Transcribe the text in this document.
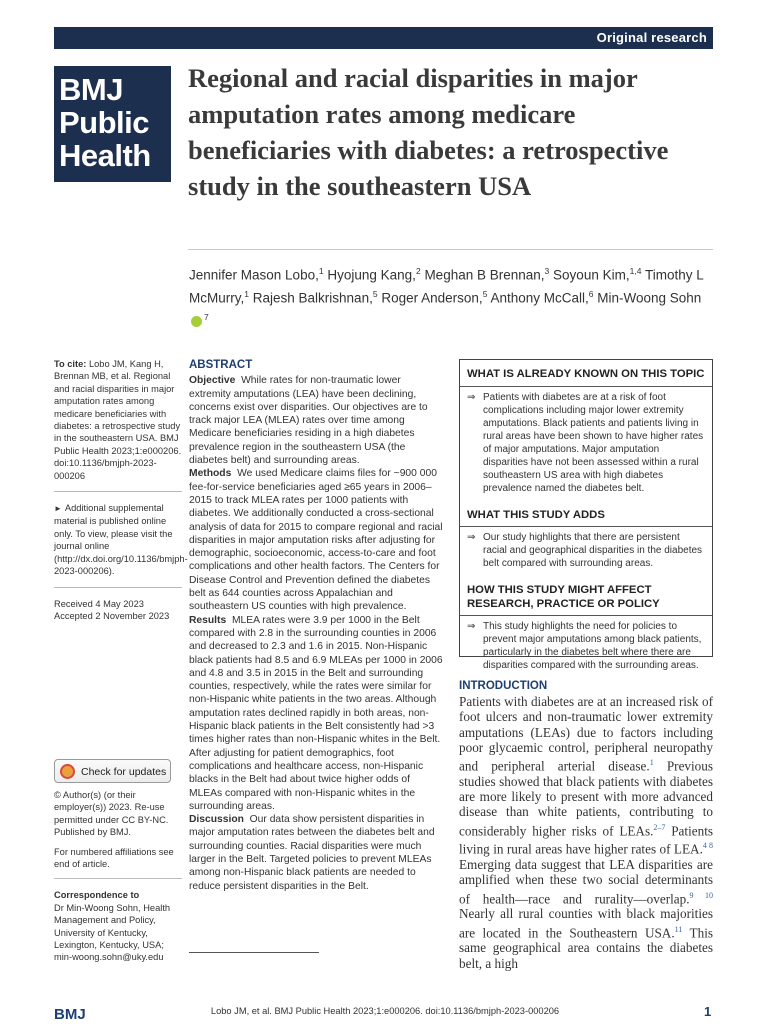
Original research
BMJ
Public
Health
Regional and racial disparities in major amputation rates among medicare beneficiaries with diabetes: a retrospective study in the southeastern USA
Jennifer Mason Lobo,$^1$ Hyojung Kang,$^2$ Meghan B Brennan,$^3$ Soyoun Kim,$^{1,4}$ Timothy L McMurry,$^1$ Rajesh Balkrishnan,$^5$ Roger Anderson,$^5$ Anthony McCall,$^6$ Min-Woong Sohn $^7$

To cite: Lobo JM, Kang H, Brennan MB, et al. Regional and racial disparities in major amputation rates among medicare beneficiaries with diabetes: a retrospective study in the southeastern USA. BMJ Public Health 2023;1:e000206. doi:10.1136/bmjph-2023-000206

► Additional supplemental material is published online only. To view, please visit the journal online (http://dx.doi.org/10.1136/bmjph-2023-000206).

Received 4 May 2023
Accepted 2 November 2023
Check for updates

© Author(s) (or their employer(s)) 2023. Re-use permitted under CC BY-NC. Published by BMJ.

For numbered affiliations see end of article.

Correspondence to
Dr Min-Woong Sohn, Health Management and Policy, University of Kentucky, Lexington, Kentucky, USA; min-woong.sohn@uky.edu

ABSTRACT

Objective While rates for non-traumatic lower extremity amputations (LEA) have been declining, concerns exist over disparities. Our objectives are to track major LEA (MLEA) rates over time among Medicare beneficiaries residing in a high diabetes prevalence region in the southeastern USA (the diabetes belt) and surrounding areas.

Methods We used Medicare claims files for ~900 000 fee-for-service beneficiaries aged ≥65 years in 2006–2015 to track MLEA rates per 1000 patients with diabetes. We additionally conducted a cross-sectional analysis of data for 2015 to compare regional and racial disparities in major amputation risks after adjusting for demographic, socioeconomic, access-to-care and foot complications and other health factors. The Centers for Disease Control and Prevention defined the diabetes belt as 644 counties across Appalachian and southeastern US counties with high prevalence.

Results MLEA rates were 3.9 per 1000 in the Belt compared with 2.8 in the surrounding counties in 2006 and decreased to 2.3 and 1.6 in 2015. Non-Hispanic black patients had 8.5 and 6.9 MLEAs per 1000 in 2006 and 4.8 and 3.5 in 2015 in the Belt and surrounding counties, respectively, while the rates were similar for non-Hispanic white patients in the two areas. Although amputation rates declined rapidly in both areas, non-Hispanic black patients in the Belt consistently had >3 times higher rates than non-Hispanic whites in the Belt. After adjusting for patient demographics, foot complications and healthcare access, non-Hispanic blacks in the Belt had about twice higher odds of MLEAs compared with non-Hispanic whites in the surrounding areas.

Discussion Our data show persistent disparities in major amputation rates between the diabetes belt and surrounding counties. Racial disparities were much larger in the Belt. Targeted policies to prevent MLEAs among non-Hispanic black patients are needed to reduce persistent disparities in the Belt.

WHAT IS ALREADY KNOWN ON THIS TOPIC
⇒ Patients with diabetes are at a risk of foot complications including major lower extremity amputations. Black patients and patients living in rural areas have been shown to have higher rates of major amputations. Major amputation disparities have not been assessed within a rural southeastern US area with high diabetes prevalence named the diabetes belt.
WHAT THIS STUDY ADDS
⇒ Our study highlights that there are persistent racial and geographical disparities in the diabetes belt compared with surrounding areas.
HOW THIS STUDY MIGHT AFFECT RESEARCH, PRACTICE OR POLICY
⇒ This study highlights the need for policies to prevent major amputations among black patients, particularly in the diabetes belt where there are disparities compared with the surrounding areas.
INTRODUCTION

Patients with diabetes are at an increased risk of foot ulcers and non-traumatic lower extremity amputations (LEAs) due to factors including poor glycaemic control, peripheral neuropathy and peripheral arterial disease.$^1$ Previous studies showed that black patients with diabetes are more likely to present with more advanced disease than white patients, contributing to considerably higher risks of LEAs.$^{2-7}$ Patients living in rural areas have higher rates of LEA.$^{4 8}$ Emerging data suggest that LEA disparities are amplified when these two social determinants of health—race and rurality—overlap.$^{9 10}$ Nearly all rural counties with black majorities are located in the Southeastern USA.$^{11}$ This same geographical area contains the diabetes belt, a high

BMJ	Lobo JM, et al. BMJ Public Health 2023;1:e000206. doi:10.1136/bmjph-2023-000206	1
